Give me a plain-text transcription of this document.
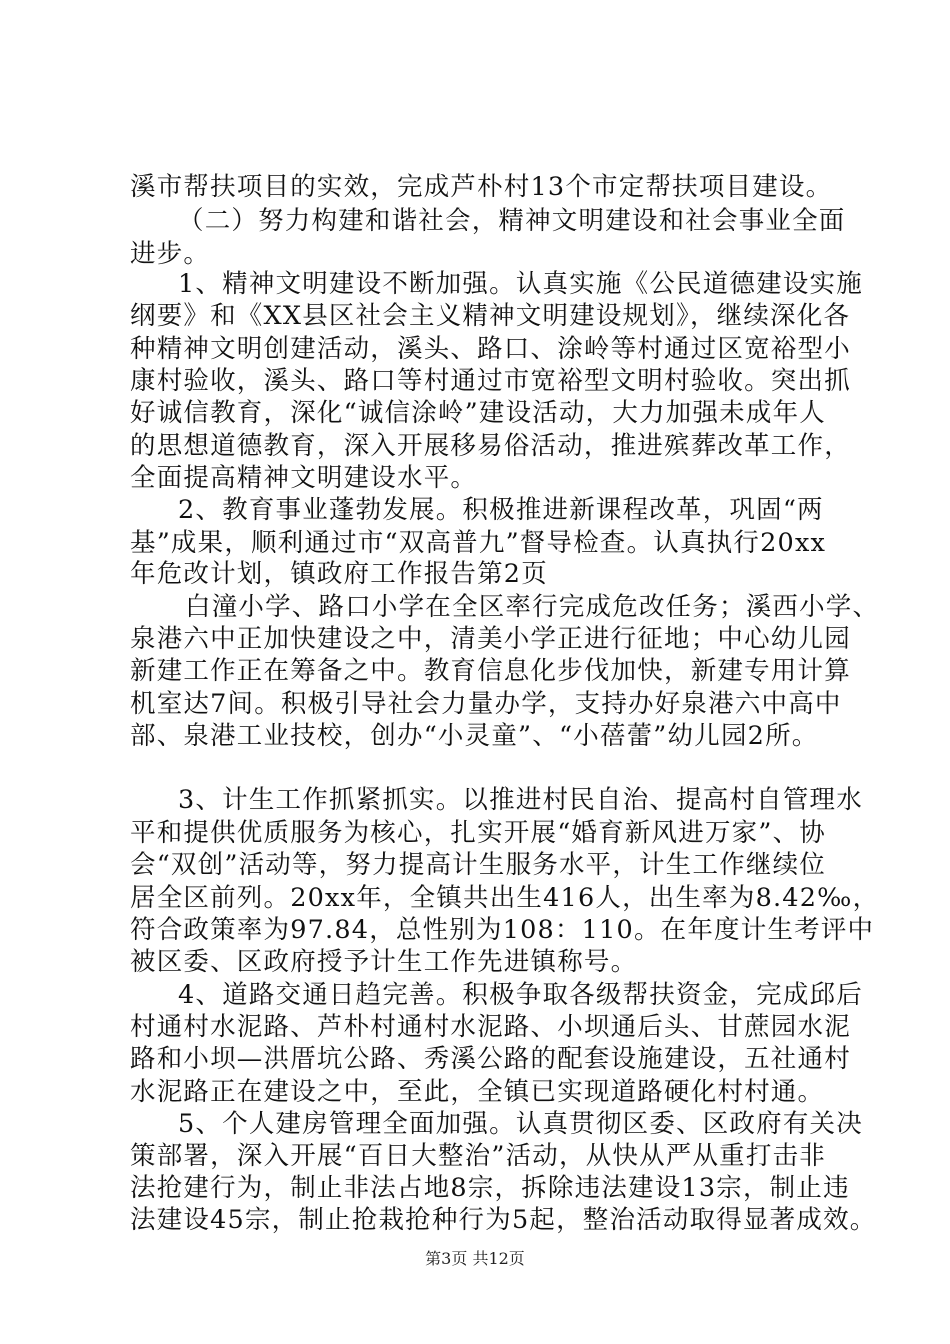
溪市帮扶项目的实效，完成芦朴村13个市定帮扶项目建设。
（二）努力构建和谐社会，精神文明建设和社会事业全面
进步。
1、精神文明建设不断加强。认真实施《公民道德建设实施
纲要》和《XX县区社会主义精神文明建设规划》，继续深化各
种精神文明创建活动，溪头、路口、涂岭等村通过区宽裕型小
康村验收，溪头、路口等村通过市宽裕型文明村验收。突出抓
好诚信教育，深化“诚信涂岭”建设活动，大力加强未成年人
的思想道德教育，深入开展移易俗活动，推进殡葬改革工作，
全面提高精神文明建设水平。
2、教育事业蓬勃发展。积极推进新课程改革，巩固“两
基”成果，顺利通过市“双高普九”督导检查。认真执行20xx
年危改计划，镇政府工作报告第2页
白潼小学、路口小学在全区率行完成危改任务；溪西小学、
泉港六中正加快建设之中，清美小学正进行征地；中心幼儿园
新建工作正在筹备之中。教育信息化步伐加快，新建专用计算
机室达7间。积极引导社会力量办学，支持办好泉港六中高中
部、泉港工业技校，创办“小灵童”、“小蓓蕾”幼儿园2所。
3、计生工作抓紧抓实。以推进村民自治、提高村自管理水
平和提供优质服务为核心，扎实开展“婚育新风进万家”、协
会“双创”活动等，努力提高计生服务水平，计生工作继续位
居全区前列。20xx年，全镇共出生416人，出生率为8.42‰，
符合政策率为97.84，总性别为108：110。在年度计生考评中
被区委、区政府授予计生工作先进镇称号。
4、道路交通日趋完善。积极争取各级帮扶资金，完成邱后
村通村水泥路、芦朴村通村水泥路、小坝通后头、甘蔗园水泥
路和小坝—洪厝坑公路、秀溪公路的配套设施建设，五社通村
水泥路正在建设之中，至此，全镇已实现道路硬化村村通。
5、个人建房管理全面加强。认真贯彻区委、区政府有关决
策部署，深入开展“百日大整治”活动，从快从严从重打击非
法抢建行为，制止非法占地8宗，拆除违法建设13宗，制止违
法建设45宗，制止抢栽抢种行为5起，整治活动取得显著成效。
第3页 共12页
